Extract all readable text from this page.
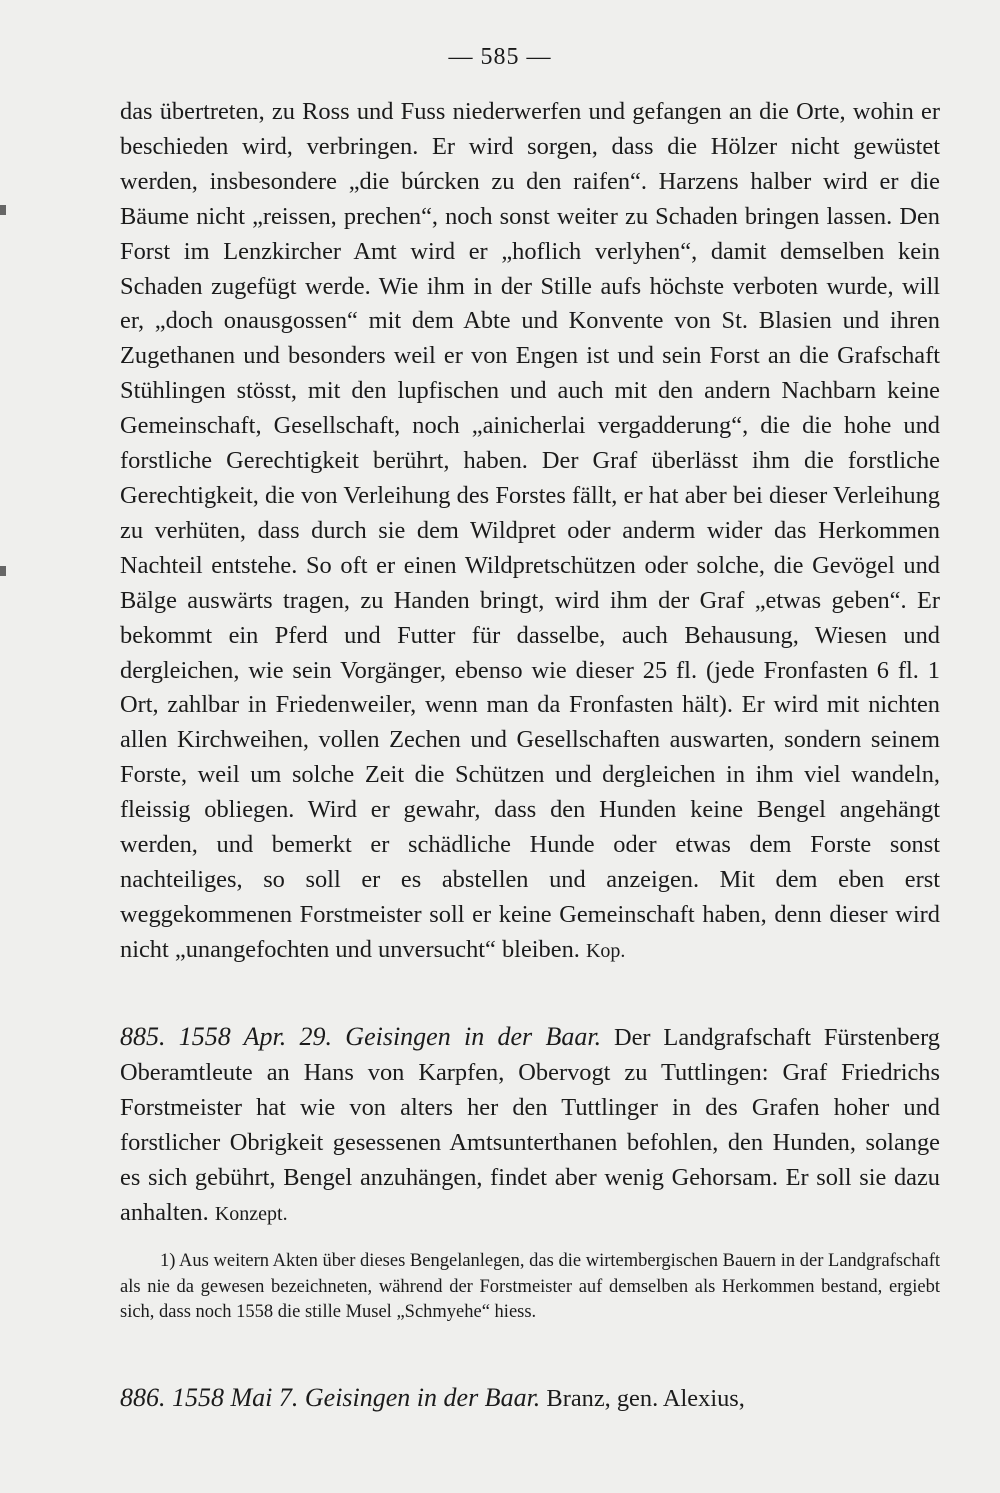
— 585 —

das übertreten, zu Ross und Fuss niederwerfen und gefangen an die Orte, wohin er beschieden wird, verbringen. Er wird sorgen, dass die Hölzer nicht gewüstet werden, insbesondere „die búrcken zu den raifen“. Harzens halber wird er die Bäume nicht „reissen, prechen“, noch sonst weiter zu Schaden bringen lassen. Den Forst im Lenzkircher Amt wird er „hoflich verlyhen“, damit demselben kein Schaden zugefügt werde. Wie ihm in der Stille aufs höchste verboten wurde, will er, „doch onausgossen“ mit dem Abte und Konvente von St. Blasien und ihren Zugethanen und besonders weil er von Engen ist und sein Forst an die Grafschaft Stühlingen stösst, mit den lupfischen und auch mit den andern Nachbarn keine Gemeinschaft, Gesellschaft, noch „ainicherlai vergadderung“, die die hohe und forstliche Gerechtigkeit berührt, haben. Der Graf überlässt ihm die forstliche Gerechtigkeit, die von Verleihung des Forstes fällt, er hat aber bei dieser Verleihung zu verhüten, dass durch sie dem Wildpret oder anderm wider das Herkommen Nachteil entstehe. So oft er einen Wildpretschützen oder solche, die Gevögel und Bälge auswärts tragen, zu Handen bringt, wird ihm der Graf „etwas geben“. Er bekommt ein Pferd und Futter für dasselbe, auch Behausung, Wiesen und dergleichen, wie sein Vorgänger, ebenso wie dieser 25 fl. (jede Fronfasten 6 fl. 1 Ort, zahlbar in Friedenweiler, wenn man da Fronfasten hält). Er wird mit nichten allen Kirchweihen, vollen Zechen und Gesellschaften auswarten, sondern seinem Forste, weil um solche Zeit die Schützen und dergleichen in ihm viel wandeln, fleissig obliegen. Wird er gewahr, dass den Hunden keine Bengel angehängt werden, und bemerkt er schädliche Hunde oder etwas dem Forste sonst nachteiliges, so soll er es abstellen und anzeigen. Mit dem eben erst weggekommenen Forstmeister soll er keine Gemeinschaft haben, denn dieser wird nicht „unangefochten und unversucht“ bleiben. Kop.

885. 1558 Apr. 29. Geisingen in der Baar. Der Landgrafschaft Fürstenberg Oberamtleute an Hans von Karpfen, Obervogt zu Tuttlingen: Graf Friedrichs Forstmeister hat wie von alters her den Tuttlinger in des Grafen hoher und forstlicher Obrigkeit gesessenen Amtsunterthanen befohlen, den Hunden, solange es sich gebührt, Bengel anzuhängen, findet aber wenig Gehorsam. Er soll sie dazu anhalten. Konzept.

1) Aus weitern Akten über dieses Bengelanlegen, das die wirtembergischen Bauern in der Landgrafschaft als nie da gewesen bezeichneten, während der Forstmeister auf demselben als Herkommen bestand, ergiebt sich, dass noch 1558 die stille Musel „Schmyehe“ hiess.

886. 1558 Mai 7. Geisingen in der Baar. Branz, gen. Alexius,
